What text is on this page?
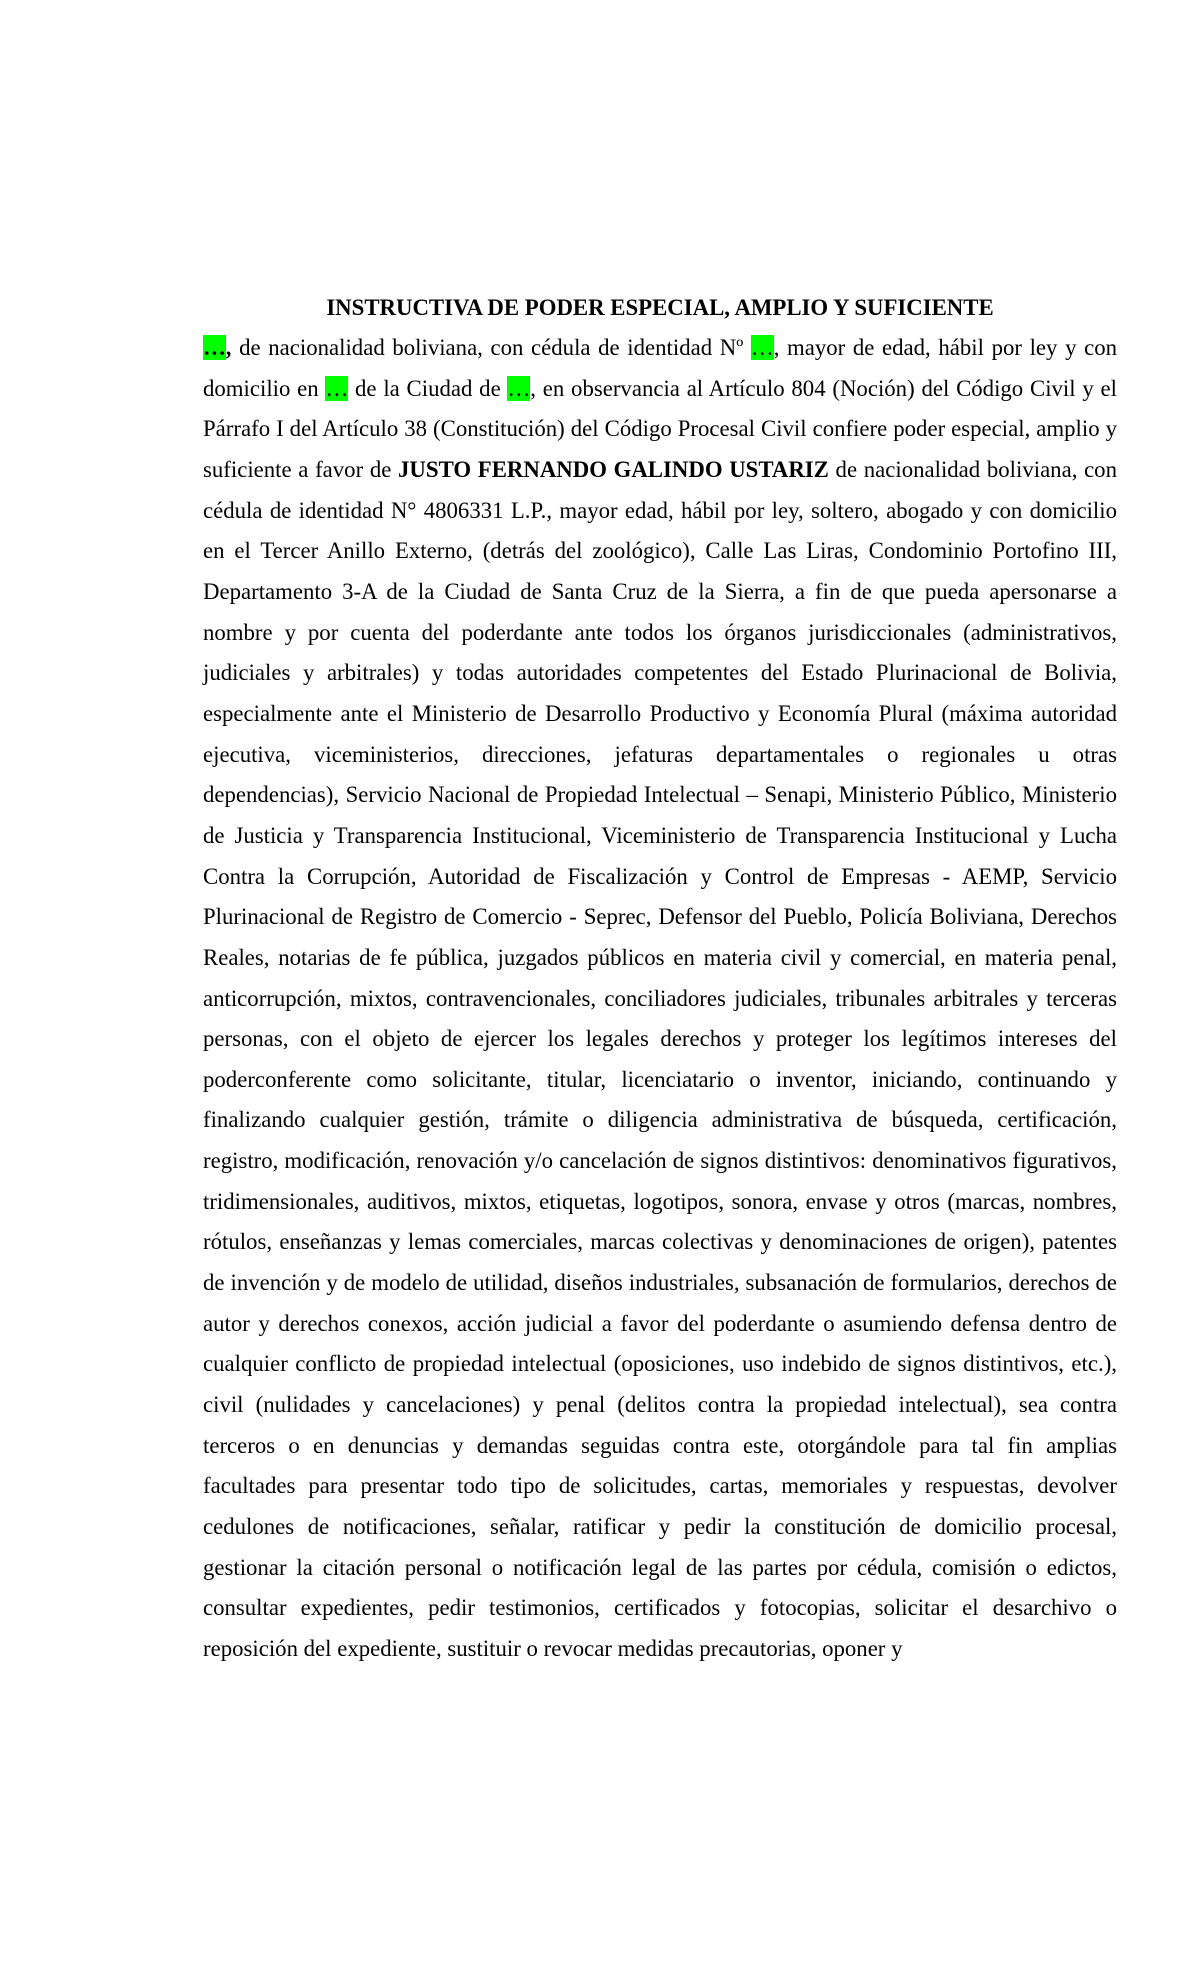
INSTRUCTIVA DE PODER ESPECIAL, AMPLIO Y SUFICIENTE

…, de nacionalidad boliviana, con cédula de identidad Nº …, mayor de edad, hábil por ley y con domicilio en … de la Ciudad de …, en observancia al Artículo 804 (Noción) del Código Civil y el Párrafo I del Artículo 38 (Constitución) del Código Procesal Civil confiere poder especial, amplio y suficiente a favor de JUSTO FERNANDO GALINDO USTARIZ de nacionalidad boliviana, con cédula de identidad N° 4806331 L.P., mayor edad, hábil por ley, soltero, abogado y con domicilio en el Tercer Anillo Externo, (detrás del zoológico), Calle Las Liras, Condominio Portofino III, Departamento 3-A de la Ciudad de Santa Cruz de la Sierra, a fin de que pueda apersonarse a nombre y por cuenta del poderdante ante todos los órganos jurisdiccionales (administrativos, judiciales y arbitrales) y todas autoridades competentes del Estado Plurinacional de Bolivia, especialmente ante el Ministerio de Desarrollo Productivo y Economía Plural (máxima autoridad ejecutiva, viceministerios, direcciones, jefaturas departamentales o regionales u otras dependencias), Servicio Nacional de Propiedad Intelectual – Senapi, Ministerio Público, Ministerio de Justicia y Transparencia Institucional, Viceministerio de Transparencia Institucional y Lucha Contra la Corrupción, Autoridad de Fiscalización y Control de Empresas - AEMP, Servicio Plurinacional de Registro de Comercio - Seprec, Defensor del Pueblo, Policía Boliviana, Derechos Reales, notarias de fe pública, juzgados públicos en materia civil y comercial, en materia penal, anticorrupción, mixtos, contravencionales, conciliadores judiciales, tribunales arbitrales y terceras personas, con el objeto de ejercer los legales derechos y proteger los legítimos intereses del poderconferente como solicitante, titular, licenciatario o inventor, iniciando, continuando y finalizando cualquier gestión, trámite o diligencia administrativa de búsqueda, certificación, registro, modificación, renovación y/o cancelación de signos distintivos: denominativos figurativos, tridimensionales, auditivos, mixtos, etiquetas, logotipos, sonora, envase y otros (marcas, nombres, rótulos, enseñanzas y lemas comerciales, marcas colectivas y denominaciones de origen), patentes de invención y de modelo de utilidad, diseños industriales, subsanación de formularios, derechos de autor y derechos conexos, acción judicial a favor del poderdante o asumiendo defensa dentro de cualquier conflicto de propiedad intelectual (oposiciones, uso indebido de signos distintivos, etc.), civil (nulidades y cancelaciones) y penal (delitos contra la propiedad intelectual), sea contra terceros o en denuncias y demandas seguidas contra este, otorgándole para tal fin amplias facultades para presentar todo tipo de solicitudes, cartas, memoriales y respuestas, devolver cedulones de notificaciones, señalar, ratificar y pedir la constitución de domicilio procesal, gestionar la citación personal o notificación legal de las partes por cédula, comisión o edictos, consultar expedientes, pedir testimonios, certificados y fotocopias, solicitar el desarchivo o reposición del expediente, sustituir o revocar medidas precautorias, oponer y
